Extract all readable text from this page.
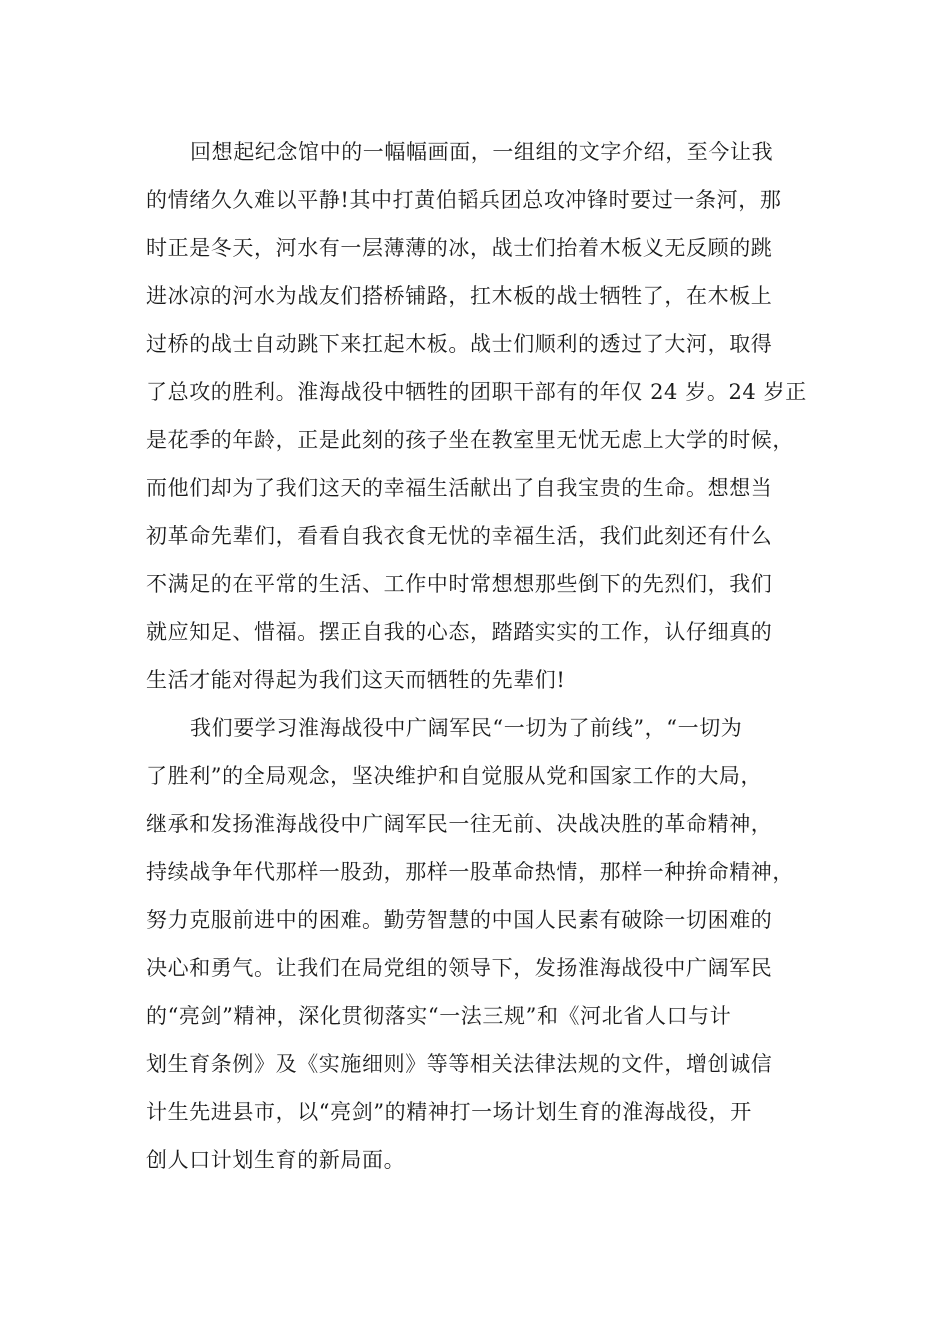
回想起纪念馆中的一幅幅画面，一组组的文字介绍，至今让我
的情绪久久难以平静!其中打黄伯韬兵团总攻冲锋时要过一条河，那
时正是冬天，河水有一层薄薄的冰，战士们抬着木板义无反顾的跳
进冰凉的河水为战友们搭桥铺路，扛木板的战士牺牲了，在木板上
过桥的战士自动跳下来扛起木板。战士们顺利的透过了大河，取得
了总攻的胜利。淮海战役中牺牲的团职干部有的年仅 24 岁。24 岁正
是花季的年龄，正是此刻的孩子坐在教室里无忧无虑上大学的时候，
而他们却为了我们这天的幸福生活献出了自我宝贵的生命。想想当
初革命先辈们，看看自我衣食无忧的幸福生活，我们此刻还有什么
不满足的在平常的生活、工作中时常想想那些倒下的先烈们，我们
就应知足、惜福。摆正自我的心态，踏踏实实的工作，认仔细真的
生活才能对得起为我们这天而牺牲的先辈们!
我们要学习淮海战役中广阔军民“一切为了前线”，“一切为
了胜利”的全局观念，坚决维护和自觉服从党和国家工作的大局，
继承和发扬淮海战役中广阔军民一往无前、决战决胜的革命精神，
持续战争年代那样一股劲，那样一股革命热情，那样一种拚命精神，
努力克服前进中的困难。勤劳智慧的中国人民素有破除一切困难的
决心和勇气。让我们在局党组的领导下，发扬淮海战役中广阔军民
的“亮剑”精神，深化贯彻落实“一法三规”和《河北省人口与计
划生育条例》及《实施细则》等等相关法律法规的文件，增创诚信
计生先进县市，以“亮剑”的精神打一场计划生育的淮海战役，开
创人口计划生育的新局面。
